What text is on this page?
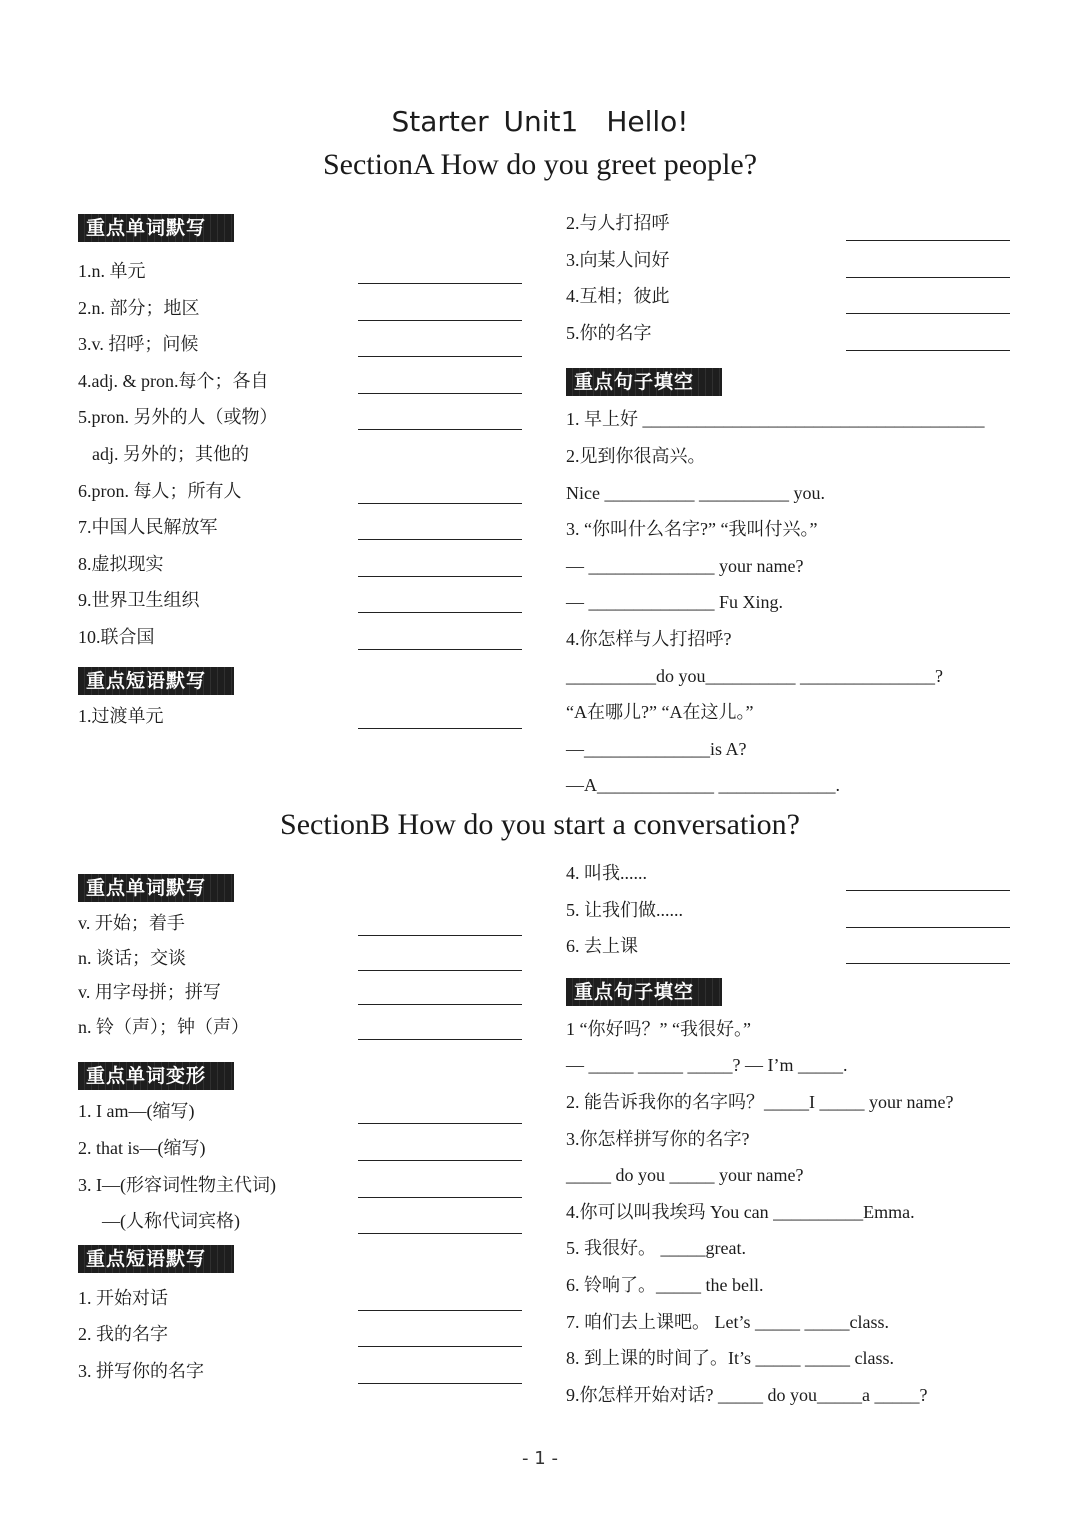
Starter Unit1　Hello!
SectionA How do you greet people?
重点单词默写
1.n. 单元
2.n. 部分；地区
3.v. 招呼；问候
4.adj. & pron.每个；各自
5.pron. 另外的人（或物）
adj. 另外的；其他的
6.pron. 每人；所有人
7.中国人民解放军
8.虚拟现实
9.世界卫生组织
10.联合国
重点短语默写
1.过渡单元
2.与人打招呼
3.向某人问好
4.互相；彼此
5.你的名字
重点句子填空
1. 早上好 ______________________________________
2.见到你很高兴。
Nice __________ __________ you.
3. “你叫什么名字?” “我叫付兴。”
— ______________ your name?
— ______________ Fu Xing.
4.你怎样与人打招呼?
__________do you__________ _______________?
“A在哪儿?” “A在这儿。”
—______________is A?
—A_____________ _____________.
SectionB How do you start a conversation?
重点单词默写
v. 开始；着手
n. 谈话；交谈
v. 用字母拼；拼写
n. 铃（声）；钟（声）
重点单词变形
1. I am—(缩写)
2. that is—(缩写)
3. I—(形容词性物主代词)
—(人称代词宾格)
重点短语默写
1. 开始对话
2. 我的名字
3. 拼写你的名字
4. 叫我......
5. 让我们做......
6. 去上课
重点句子填空
1 “你好吗？” “我很好。”
— _____ _____ _____? — I’m _____.
2. 能告诉我你的名字吗？_____I _____ your name?
3.你怎样拼写你的名字?
_____ do you _____ your name?
4.你可以叫我埃玛 You can __________Emma.
5. 我很好。 _____great.
6. 铃响了。_____ the bell.
7. 咱们去上课吧。 Let’s _____ _____class.
8. 到上课的时间了。It’s _____ _____ class.
9.你怎样开始对话? _____ do you_____a _____?
- 1 -
